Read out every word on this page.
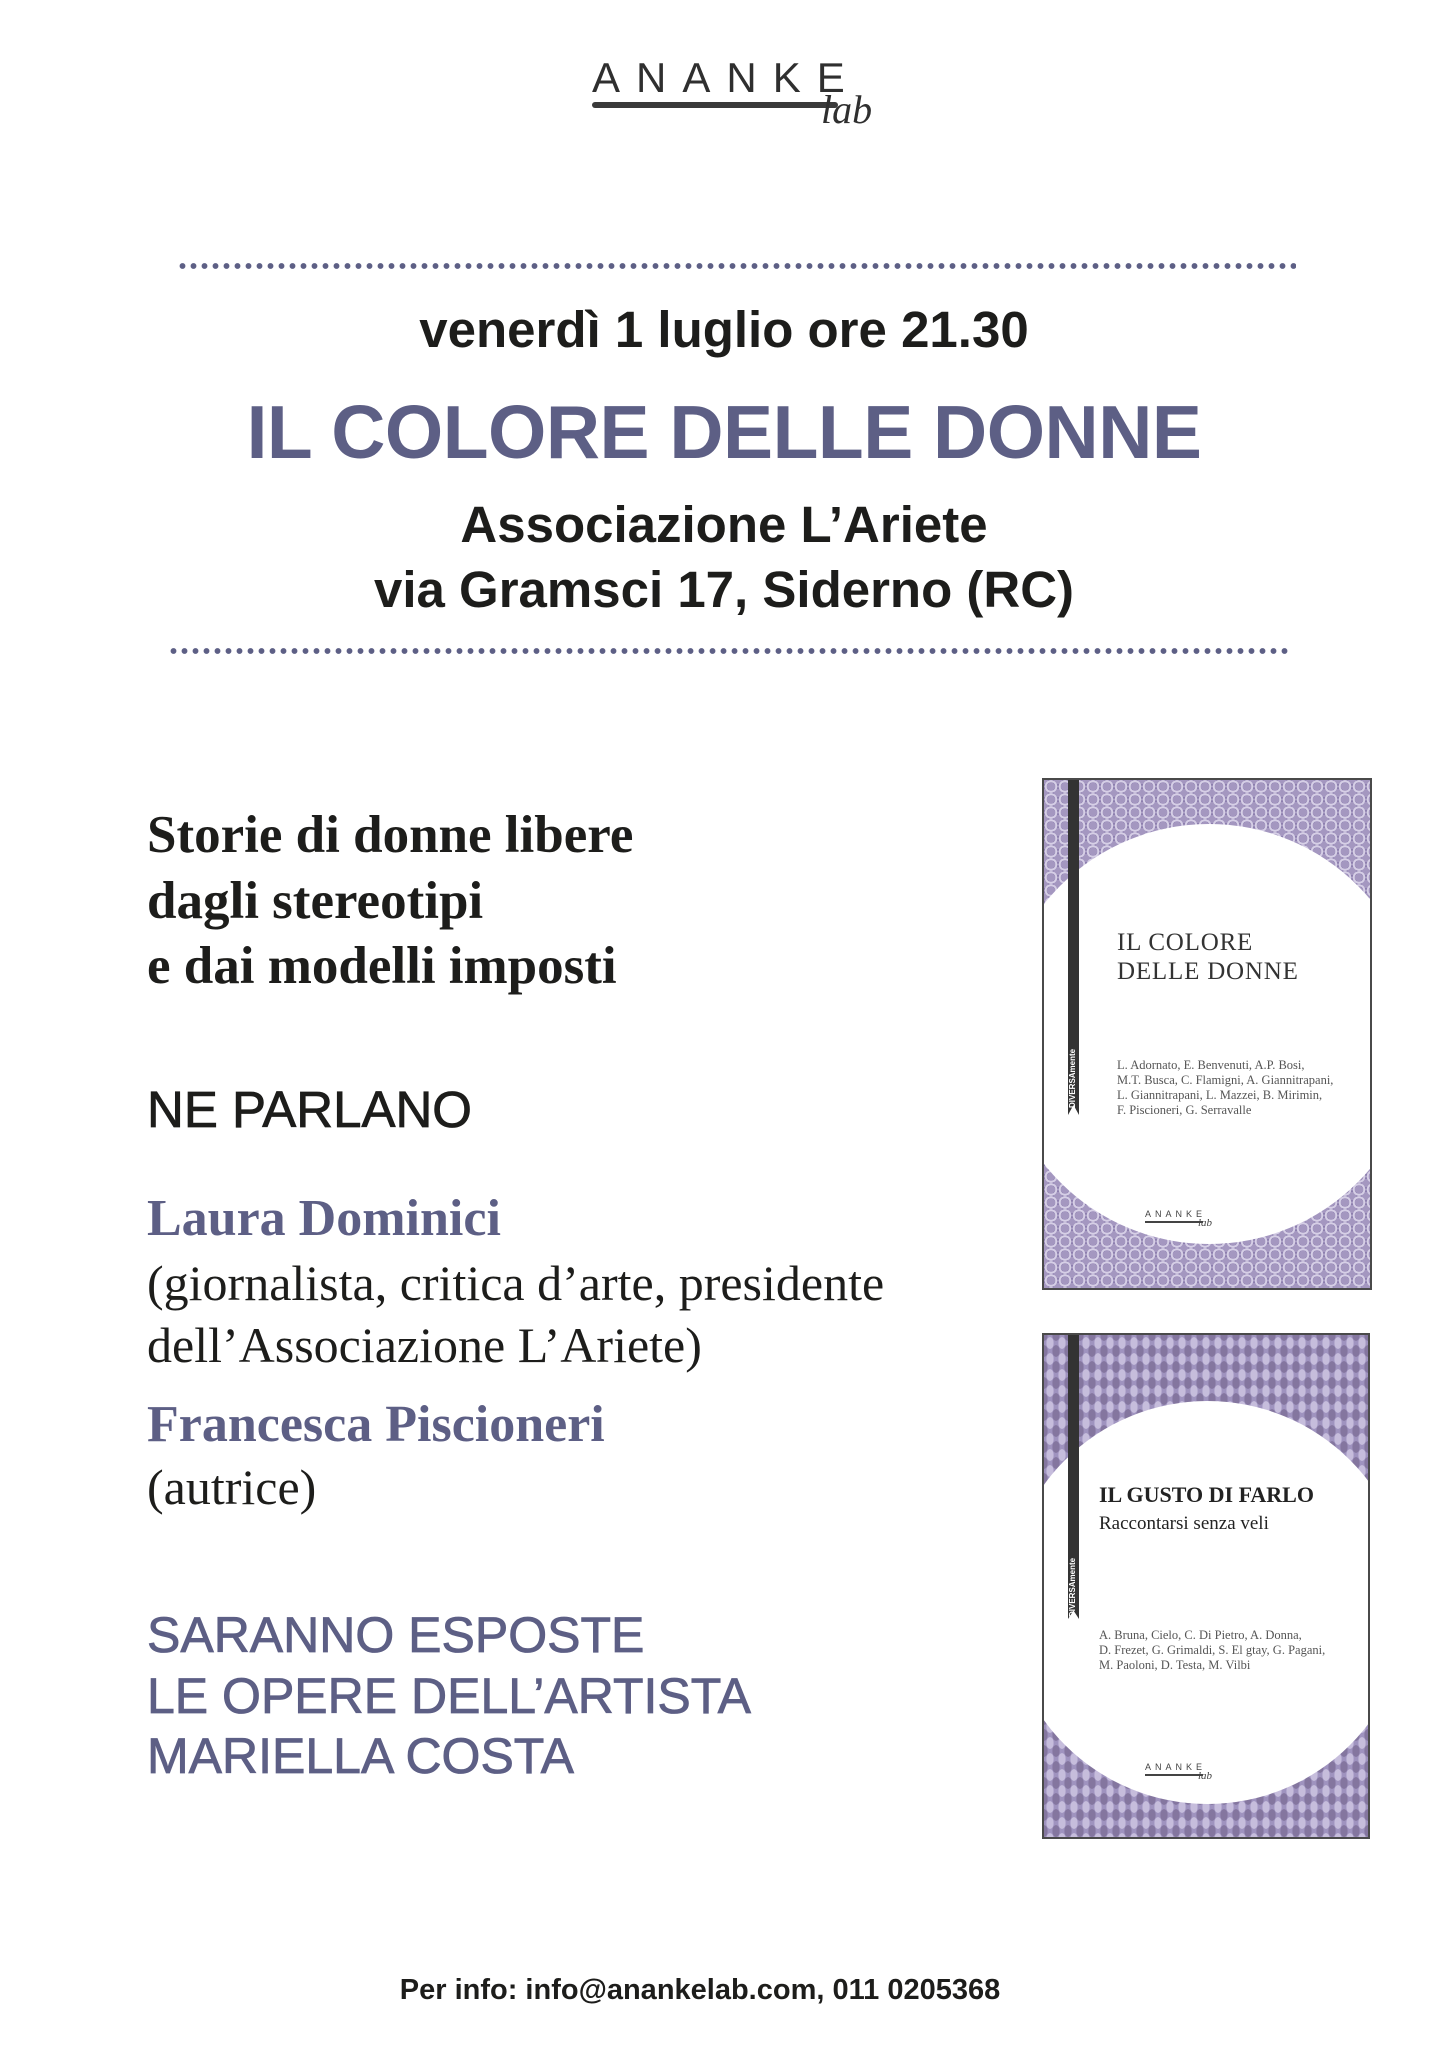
ANANKE
lab
venerdì 1 luglio ore 21.30
IL COLORE DELLE DONNE
Associazione L’Ariete
via Gramsci 17, Siderno (RC)
Storie di donne libere
dagli stereotipi
e dai modelli imposti
NE PARLANO
Laura Dominici
(giornalista, critica d’arte, presidente
dell’Associazione L’Ariete)
Francesca Piscioneri
(autrice)
SARANNO ESPOSTE
LE OPERE DELL’ARTISTA
MARIELLA COSTA
DIVERSAmente
IL COLORE
DELLE DONNE
L. Adornato, E. Benvenuti, A.P. Bosi,
M.T. Busca, C. Flamigni, A. Giannitrapani,
L. Giannitrapani, L. Mazzei, B. Mirimin,
F. Piscioneri, G. Serravalle
ANANKE
lab
DIVERSAmente
IL GUSTO DI FARLO
Raccontarsi senza veli
A. Bruna, Cielo, C. Di Pietro, A. Donna,
D. Frezet, G. Grimaldi, S. El gtay, G. Pagani,
M. Paoloni, D. Testa, M. Vilbi
ANANKE
lab
Per info: info@anankelab.com, 011 0205368
